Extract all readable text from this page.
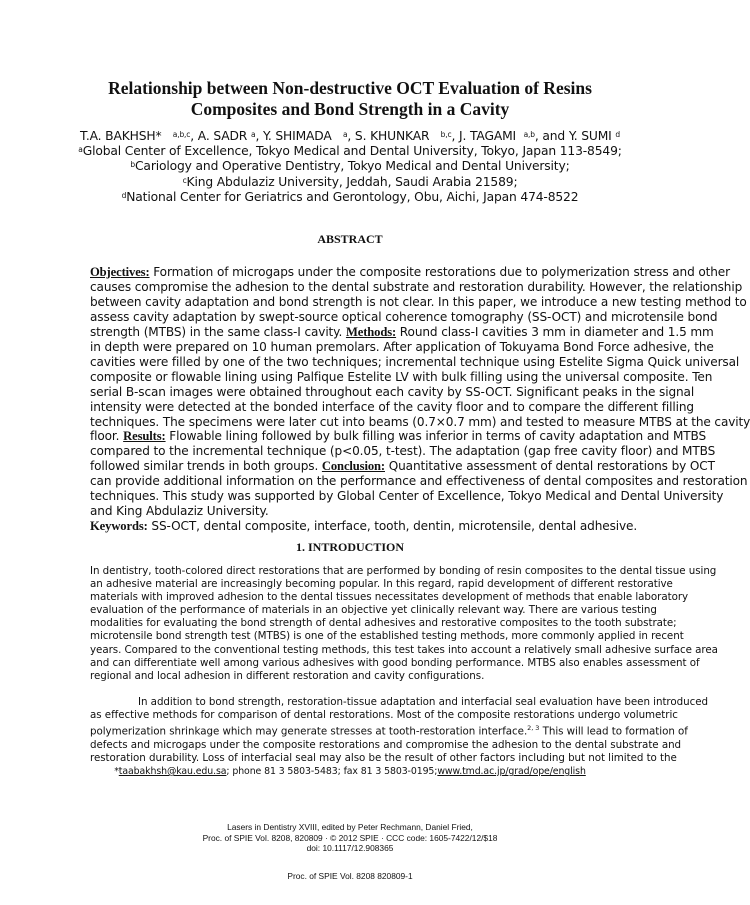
Relationship between Non-destructive OCT Evaluation of Resins
Composites and Bond Strength in a Cavity
T.A. BAKHSH* $^{a,b,c}$, A. SADR $^a$, Y. SHIMADA $^a$, S. KHUNKAR $^{b,c}$, J. TAGAMI $^{a,b}$, and Y. SUMI $^d$
$^a$Global Center of Excellence, Tokyo Medical and Dental University, Tokyo, Japan 113-8549;
$^b$Cariology and Operative Dentistry, Tokyo Medical and Dental University;
$^c$King Abdulaziz University, Jeddah, Saudi Arabia 21589;
$^d$National Center for Geriatrics and Gerontology, Obu, Aichi, Japan 474-8522
ABSTRACT
Objectives: Formation of microgaps under the composite restorations due to polymerization stress and other
causes compromise the adhesion to the dental substrate and restoration durability. However, the relationship
between cavity adaptation and bond strength is not clear. In this paper, we introduce a new testing method to
assess cavity adaptation by swept-source optical coherence tomography (SS-OCT) and microtensile bond
strength (MTBS) in the same class-I cavity. Methods: Round class-I cavities 3 mm in diameter and 1.5 mm
in depth were prepared on 10 human premolars. After application of Tokuyama Bond Force adhesive, the
cavities were filled by one of the two techniques; incremental technique using Estelite Sigma Quick universal
composite or flowable lining using Palfique Estelite LV with bulk filling using the universal composite. Ten
serial B-scan images were obtained throughout each cavity by SS-OCT. Significant peaks in the signal
intensity were detected at the bonded interface of the cavity floor and to compare the different filling
techniques. The specimens were later cut into beams (0.7×0.7 mm) and tested to measure MTBS at the cavity
floor. Results: Flowable lining followed by bulk filling was inferior in terms of cavity adaptation and MTBS
compared to the incremental technique (p<0.05, t-test). The adaptation (gap free cavity floor) and MTBS
followed similar trends in both groups. Conclusion: Quantitative assessment of dental restorations by OCT
can provide additional information on the performance and effectiveness of dental composites and restoration
techniques. This study was supported by Global Center of Excellence, Tokyo Medical and Dental University
and King Abdulaziz University.
Keywords: SS-OCT, dental composite, interface, tooth, dentin, microtensile, dental adhesive.
1. INTRODUCTION
In dentistry, tooth-colored direct restorations that are performed by bonding of resin composites to the dental tissue using
an adhesive material are increasingly becoming popular. In this regard, rapid development of different restorative
materials with improved adhesion to the dental tissues necessitates development of methods that enable laboratory
evaluation of the performance of materials in an objective yet clinically relevant way. There are various testing
modalities for evaluating the bond strength of dental adhesives and restorative composites to the tooth substrate;
microtensile bond strength test (MTBS) is one of the established testing methods, more commonly applied in recent
years. Compared to the conventional testing methods, this test takes into account a relatively small adhesive surface area
and can differentiate well among various adhesives with good bonding performance. MTBS also enables assessment of
regional and local adhesion in different restoration and cavity configurations.
In addition to bond strength, restoration-tissue adaptation and interfacial seal evaluation have been introduced
as effective methods for comparison of dental restorations. Most of the composite restorations undergo volumetric
polymerization shrinkage which may generate stresses at tooth-restoration interface.$^{2, 3}$ This will lead to formation of
defects and microgaps under the composite restorations and compromise the adhesion to the dental substrate and
restoration durability. Loss of interfacial seal may also be the result of other factors including but not limited to the
*taabakhsh@kau.edu.sa; phone 81 3 5803-5483; fax 81 3 5803-0195;www.tmd.ac.jp/grad/ope/english
Lasers in Dentistry XVIII, edited by Peter Rechmann, Daniel Fried,
Proc. of SPIE Vol. 8208, 820809 · © 2012 SPIE · CCC code: 1605-7422/12/$18
doi: 10.1117/12.908365
Proc. of SPIE Vol. 8208 820809-1
